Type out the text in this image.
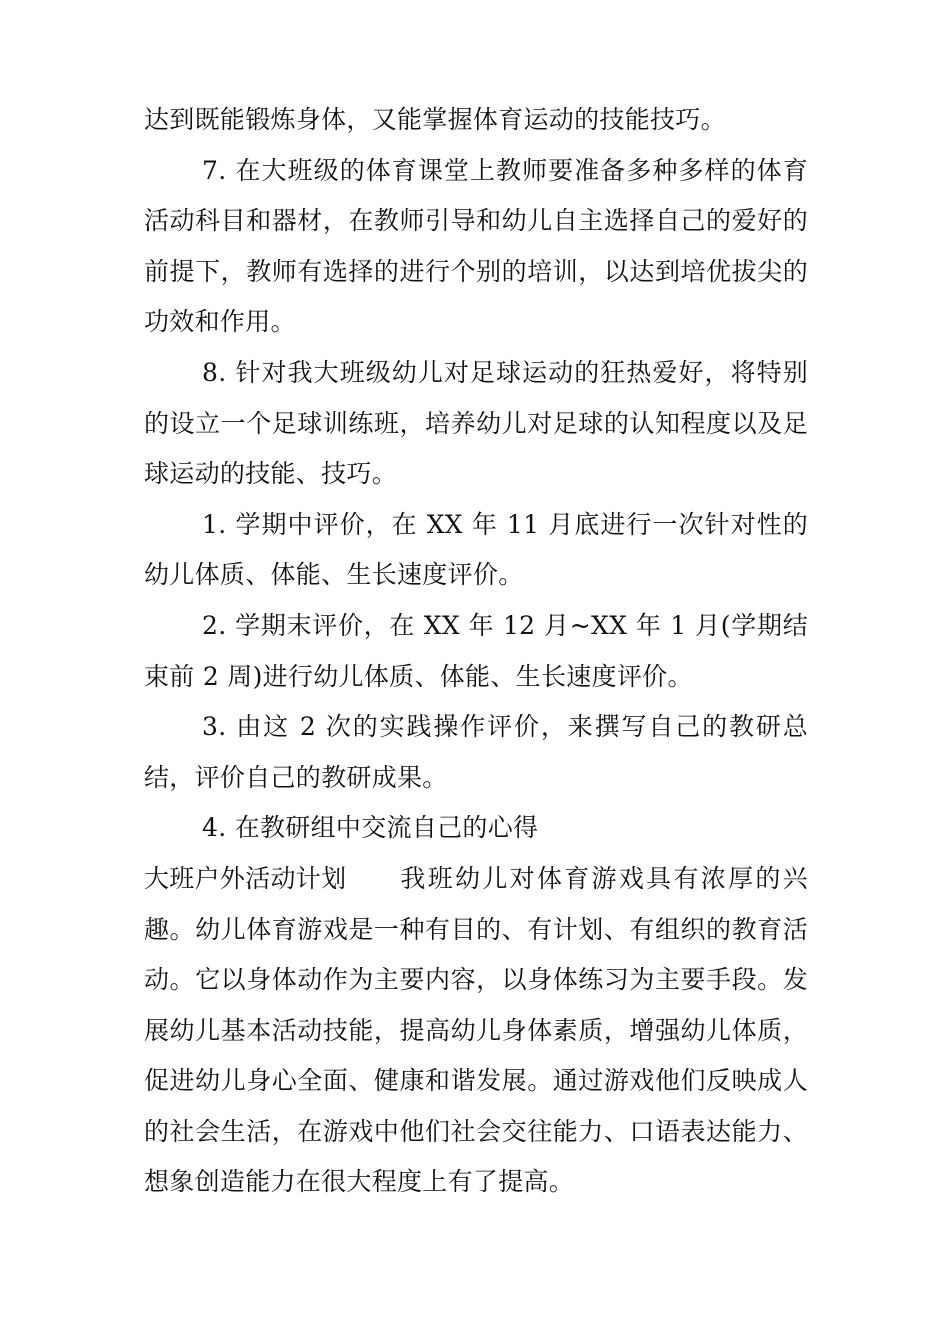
达到既能锻炼身体，又能掌握体育运动的技能技巧。

7. 在大班级的体育课堂上教师要准备多种多样的体育活动科目和器材，在教师引导和幼儿自主选择自己的爱好的前提下，教师有选择的进行个别的培训，以达到培优拔尖的功效和作用。

8. 针对我大班级幼儿对足球运动的狂热爱好，将特别的设立一个足球训练班，培养幼儿对足球的认知程度以及足球运动的技能、技巧。

1. 学期中评价，在 XX 年 11 月底进行一次针对性的幼儿体质、体能、生长速度评价。

2. 学期末评价，在 XX 年 12 月~XX 年 1 月(学期结束前 2 周)进行幼儿体质、体能、生长速度评价。

3. 由这 2 次的实践操作评价，来撰写自己的教研总结，评价自己的教研成果。

4. 在教研组中交流自己的心得

大班户外活动计划 我班幼儿对体育游戏具有浓厚的兴趣。幼儿体育游戏是一种有目的、有计划、有组织的教育活动。它以身体动作为主要内容，以身体练习为主要手段。发展幼儿基本活动技能，提高幼儿身体素质，增强幼儿体质，促进幼儿身心全面、健康和谐发展。通过游戏他们反映成人的社会生活，在游戏中他们社会交往能力、口语表达能力、想象创造能力在很大程度上有了提高。
